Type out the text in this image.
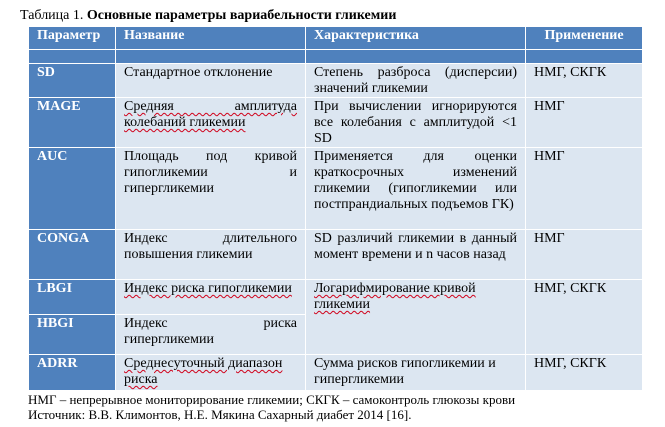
Таблица 1. Основные параметры вариабельности гликемии
Параметр	Название	Характеристика	Применение

SD	Стандартное отклонение	Степень разброса (дисперсии) значений гликемии	НМГ, СКГК
MAGE	Средняя амплитуда колебаний гликемии	При вычислении игнорируются все колебания с амплитудой <1 SD	НМГ
AUC	Площадь под кривой гипогликемии и гипергликемии	Применяется для оценки краткосрочных изменений гликемии (гипогликемии или постпрандиальных подъемов ГК)	НМГ
CONGA	Индекс длительного повышения гликемии	SD различий гликемии в данный момент времени и n часов назад	НМГ
LBGI	Индекс риска гипогликемии	Логарифмирование кривой гликемии	НМГ, СКГК
HBGI	Индекс риска гипергликемии		
ADRR	Среднесуточный диапазон риска	Сумма рисков гипогликемии и гипергликемии	НМГ, СКГК
НМГ – непрерывное мониторирование гликемии; СКГК – самоконтроль глюкозы крови
Источник: В.В. Климонтов, Н.Е. Мякина Сахарный диабет 2014 [16].
